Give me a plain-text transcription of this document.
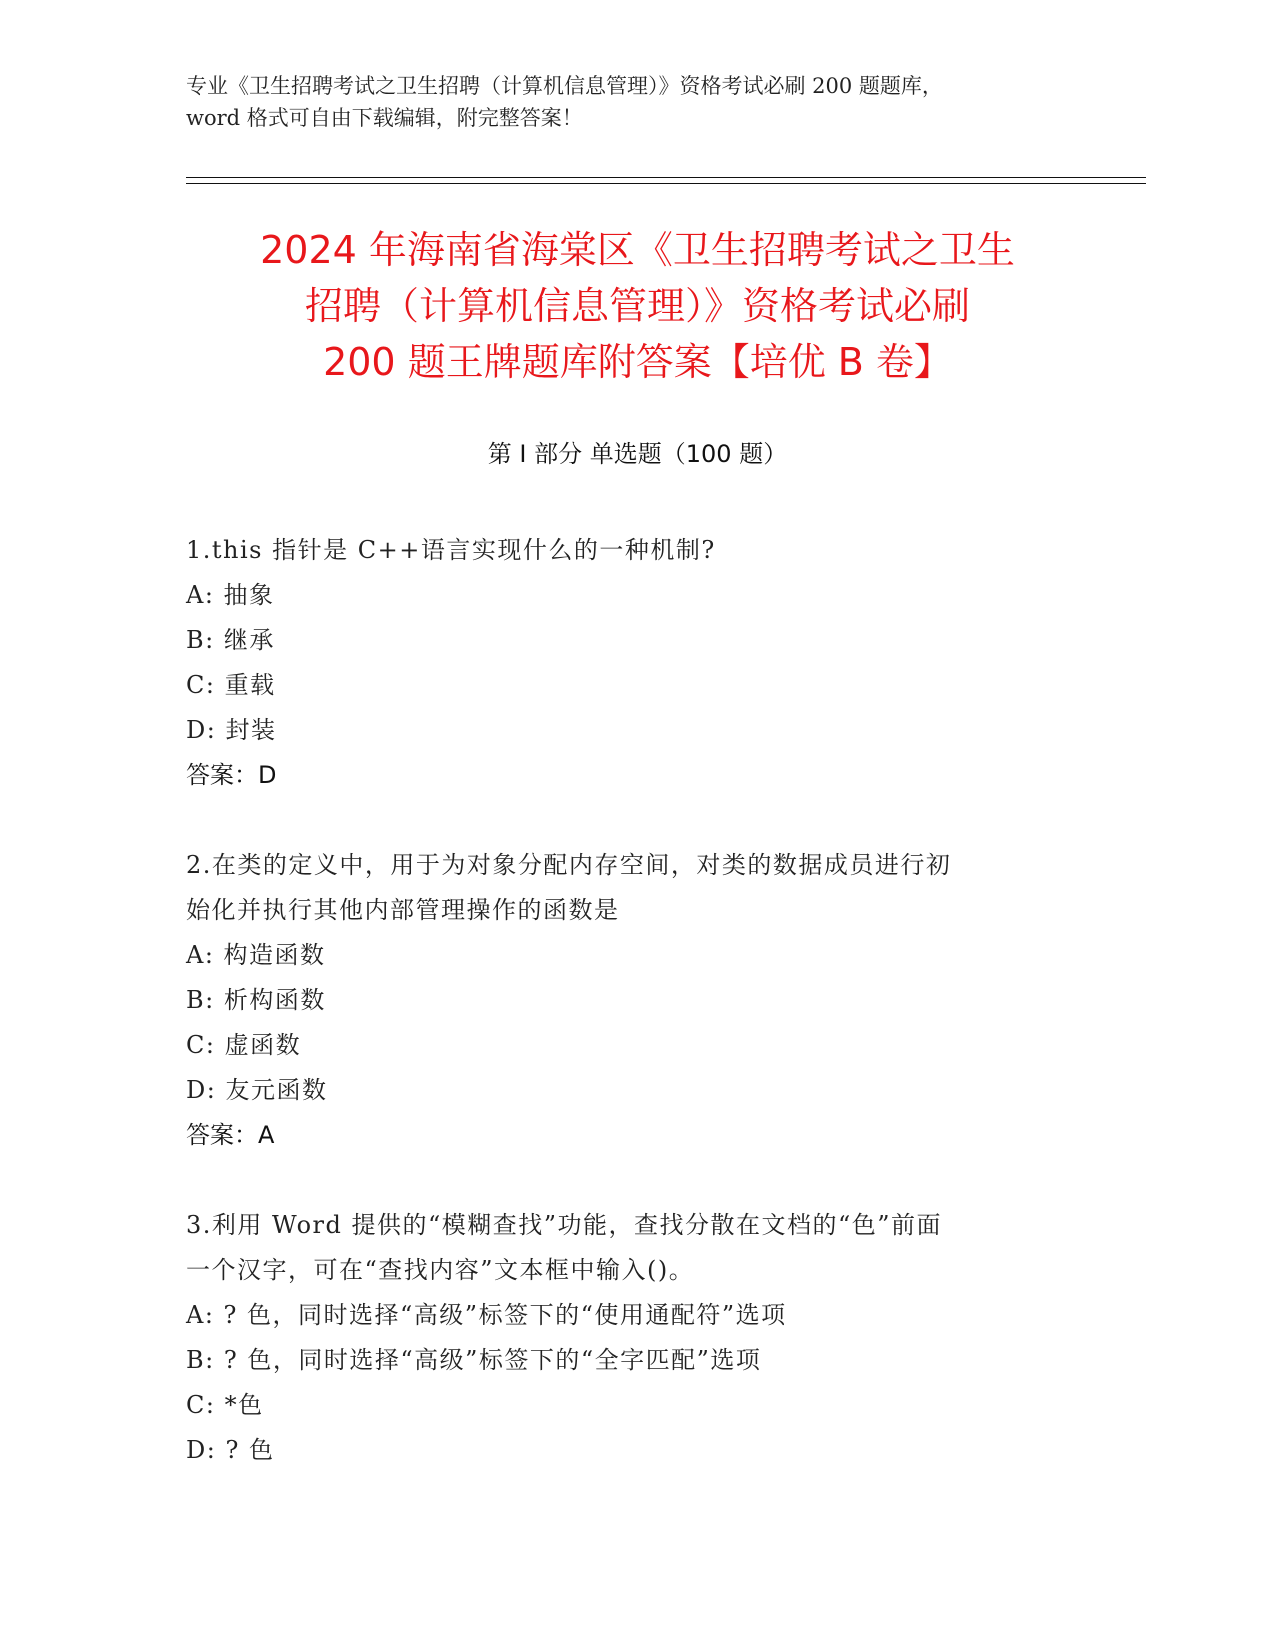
专业《卫生招聘考试之卫生招聘（计算机信息管理）》资格考试必刷 200 题题库，
word 格式可自由下载编辑，附完整答案！
2024 年海南省海棠区《卫生招聘考试之卫生
招聘（计算机信息管理）》资格考试必刷
200 题王牌题库附答案【培优 B 卷】
第 I 部分 单选题（100 题）
1.this 指针是 C++语言实现什么的一种机制?
A: 抽象
B: 继承
C: 重载
D: 封装
答案：D
2.在类的定义中，用于为对象分配内存空间，对类的数据成员进行初
始化并执行其他内部管理操作的函数是
A: 构造函数
B: 析构函数
C: 虚函数
D: 友元函数
答案：A
3.利用 Word 提供的“模糊查找”功能，查找分散在文档的“色”前面
一个汉字，可在“查找内容”文本框中输入()。
A: ? 色，同时选择“高级”标签下的“使用通配符”选项
B: ? 色，同时选择“高级”标签下的“全字匹配”选项
C: *色
D: ? 色
